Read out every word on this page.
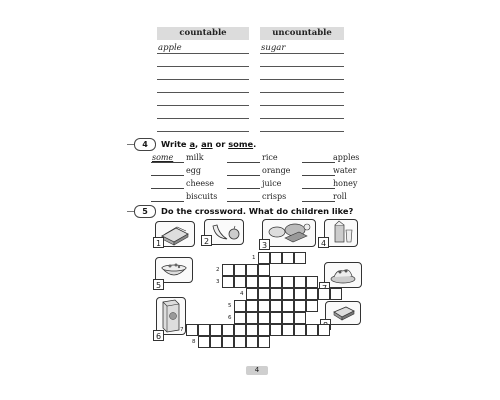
countable	uncountable
apple	sugar
4	Write a, an or some.
some milk	rice	apples
egg	orange	water
cheese	juice	honey
biscuits	crisps	roll
5	Do the crossword. What do children like?
1	2	3	4
5
6
1
2
3
4
5
6
7
8
4
